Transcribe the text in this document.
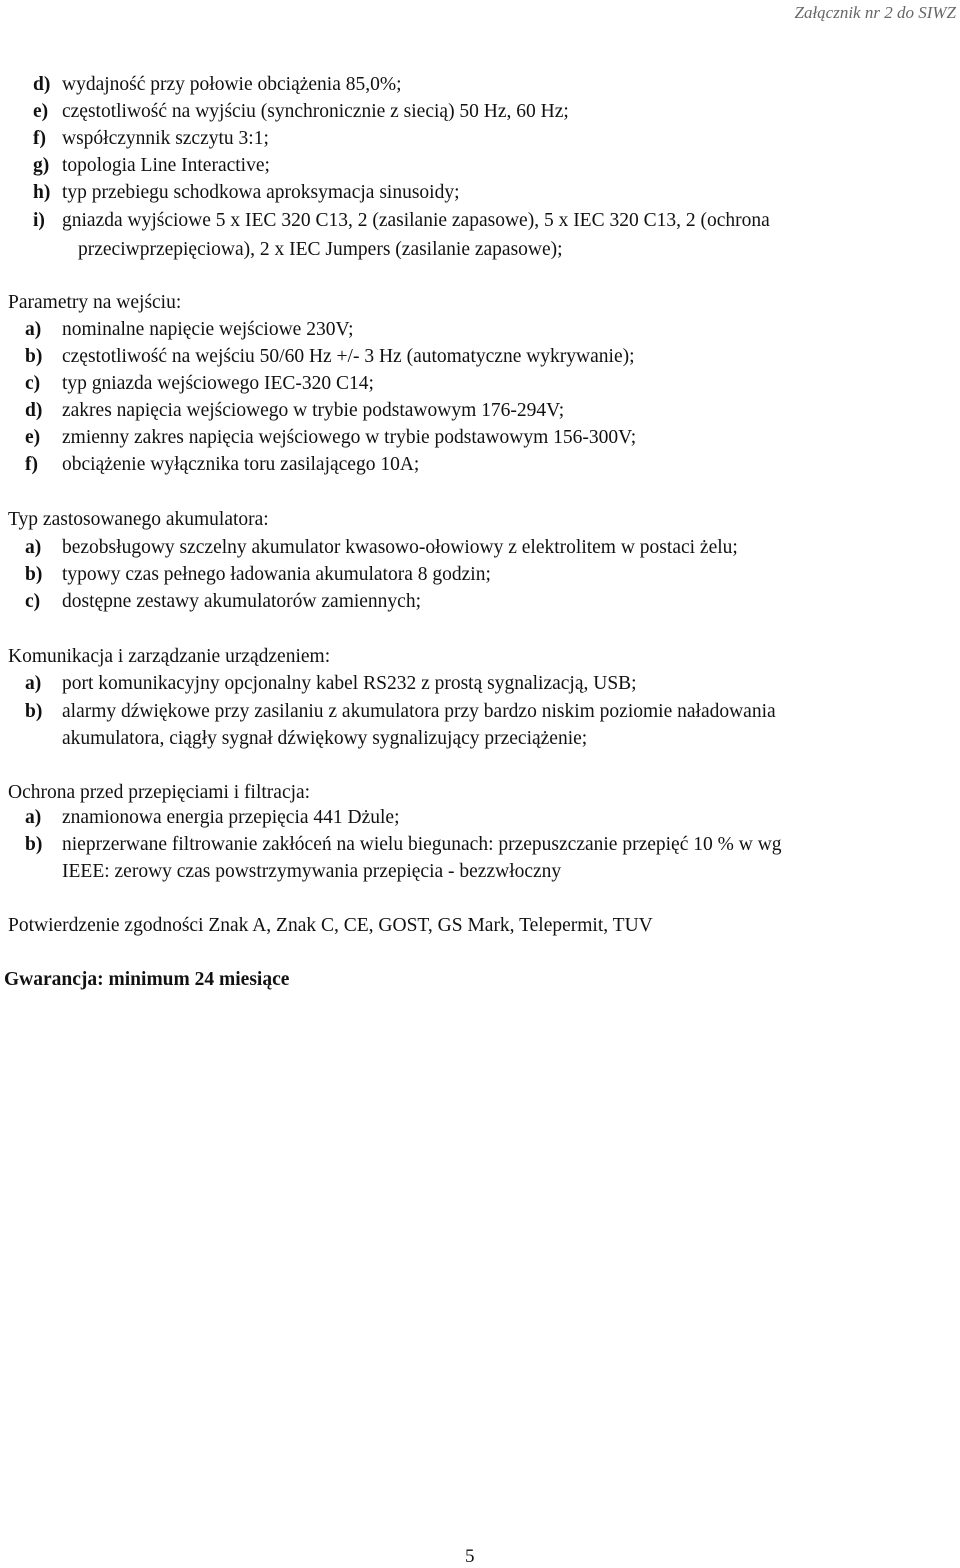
Załącznik nr 2 do SIWZ
d) wydajność przy połowie obciążenia 85,0%;
e) częstotliwość na wyjściu (synchronicznie z siecią) 50 Hz, 60 Hz;
f) współczynnik szczytu 3:1;
g) topologia Line Interactive;
h) typ przebiegu schodkowa aproksymacja sinusoidy;
i) gniazda wyjściowe 5 x IEC 320 C13, 2 (zasilanie zapasowe), 5 x IEC 320 C13, 2 (ochrona
przeciwprzepięciowa), 2 x IEC Jumpers (zasilanie zapasowe);
Parametry na wejściu:
a) nominalne napięcie wejściowe 230V;
b) częstotliwość na wejściu 50/60 Hz +/- 3 Hz (automatyczne wykrywanie);
c) typ gniazda wejściowego IEC-320 C14;
d) zakres napięcia wejściowego w trybie podstawowym 176-294V;
e) zmienny zakres napięcia wejściowego w trybie podstawowym 156-300V;
f) obciążenie wyłącznika toru zasilającego 10A;
Typ zastosowanego akumulatora:
a) bezobsługowy szczelny akumulator kwasowo-ołowiowy z elektrolitem w postaci żelu;
b) typowy czas pełnego ładowania akumulatora 8 godzin;
c) dostępne zestawy akumulatorów zamiennych;
Komunikacja i zarządzanie urządzeniem:
a) port komunikacyjny opcjonalny kabel RS232 z prostą sygnalizacją, USB;
b) alarmy dźwiękowe przy zasilaniu z akumulatora przy bardzo niskim poziomie naładowania
akumulatora, ciągły sygnał dźwiękowy sygnalizujący przeciążenie;
Ochrona przed przepięciami i filtracja:
a) znamionowa energia przepięcia 441 Dżule;
b) nieprzerwane filtrowanie zakłóceń na wielu biegunach: przepuszczanie przepięć 10 % w wg
IEEE: zerowy czas powstrzymywania przepięcia - bezzwłoczny
Potwierdzenie zgodności Znak A, Znak C, CE, GOST, GS Mark, Telepermit, TUV
Gwarancja: minimum 24 miesiące
5
